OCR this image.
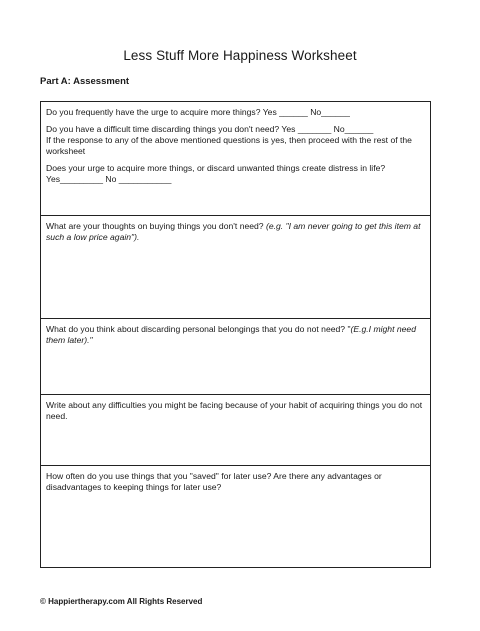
Less Stuff More Happiness Worksheet
Part A: Assessment

Do you frequently have the urge to acquire more things? Yes ______ No______

Do you have a difficult time discarding things you don't need? Yes _______ No______

If the response to any of the above mentioned questions is yes, then proceed with the rest of the worksheet

Does your urge to acquire more things, or discard unwanted things create distress in life? Yes_________ No ___________

What are your thoughts on buying things you don't need? (e.g. "I am never going to get this item at such a low price again").
What do you think about discarding personal belongings that you do not need? "(E.g.I might need them later)."
Write about any difficulties you might be facing because of your habit of acquiring things you do not need.
How often do you use things that you "saved" for later use? Are there any advantages or disadvantages to keeping things for later use?
© Happiertherapy.com All Rights Reserved
